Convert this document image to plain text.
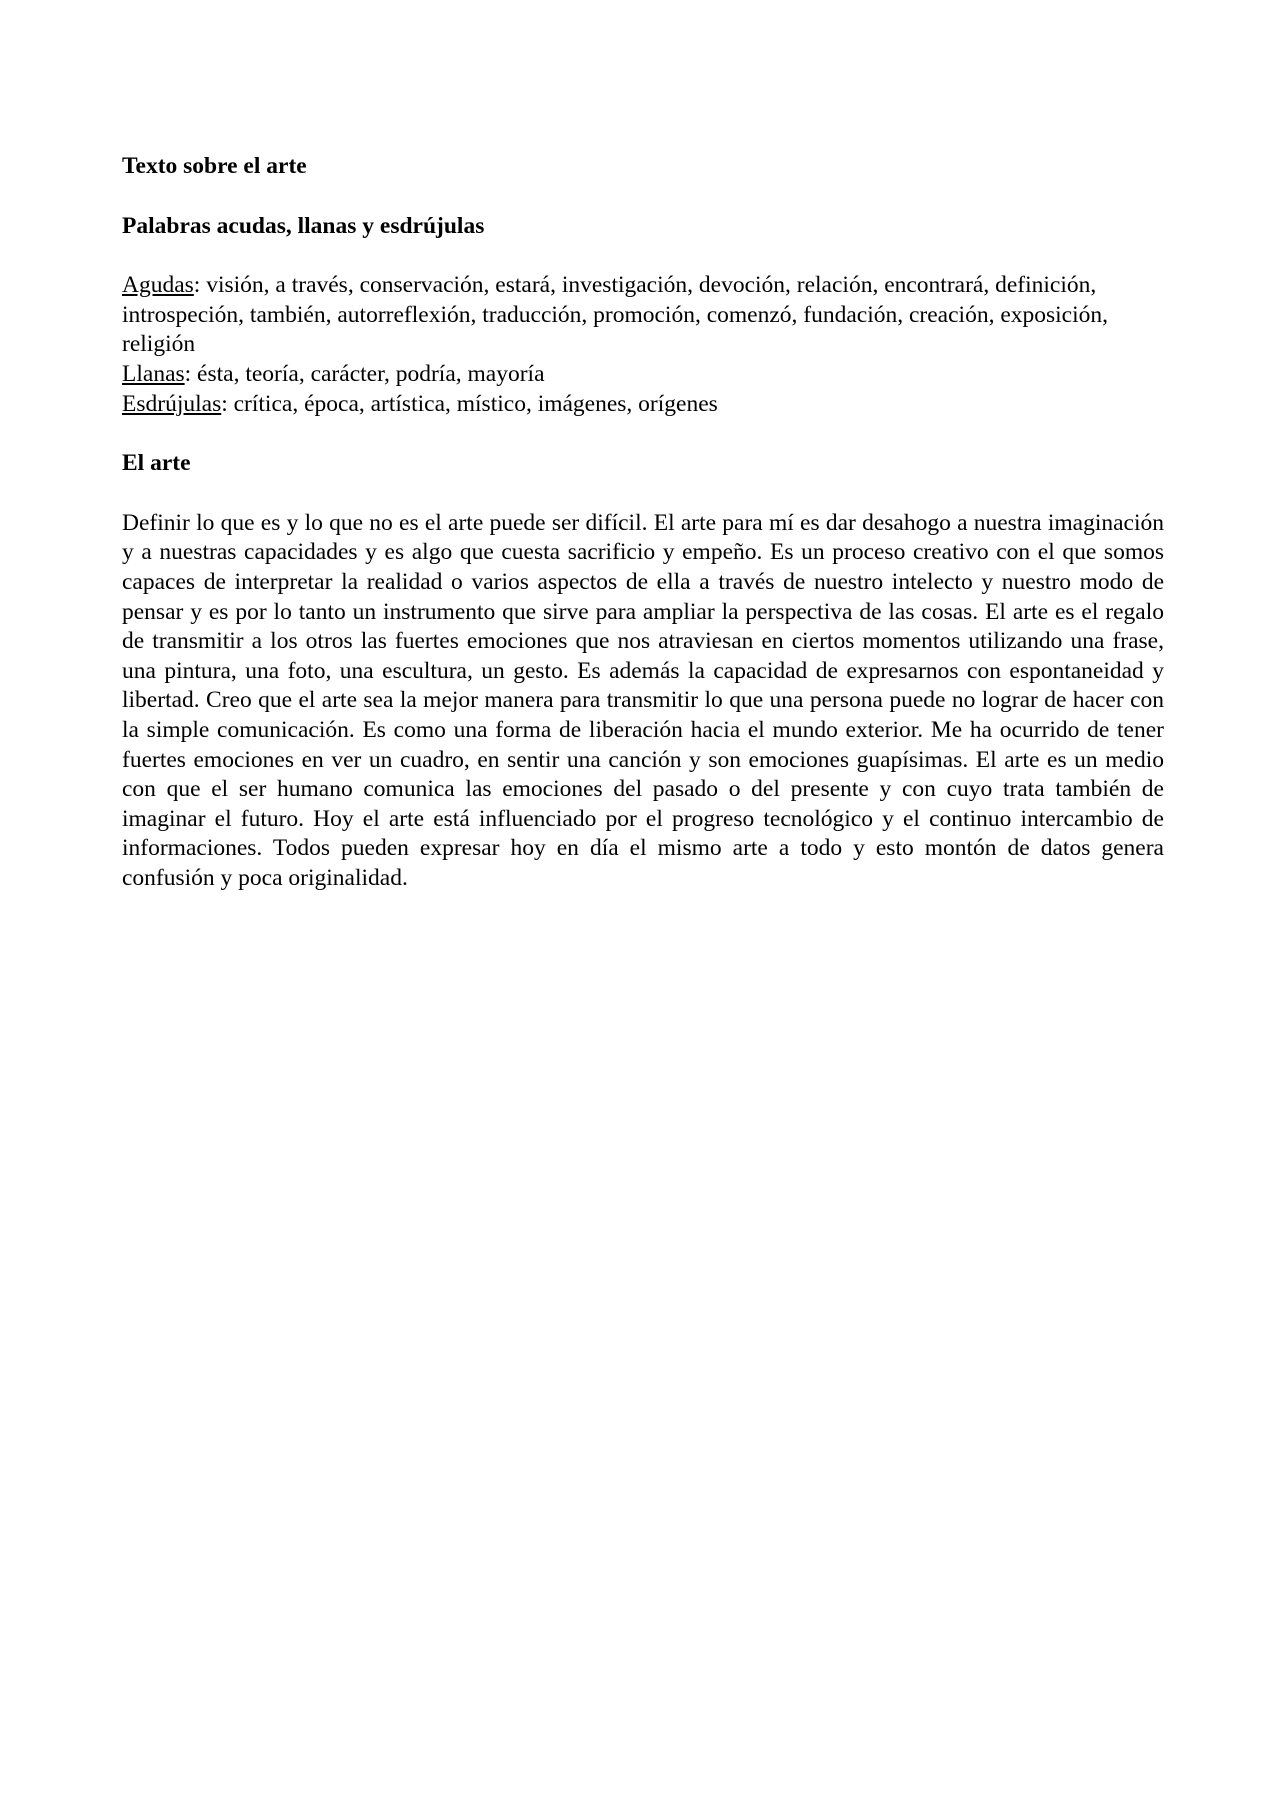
Texto sobre el arte

Palabras acudas, llanas y esdrújulas

Agudas: visión, a través, conservación, estará, investigación, devoción, relación, encontrará, definición, introspeción, también, autorreflexión, traducción, promoción, comenzó, fundación, creación, exposición, religión

Llanas: ésta, teoría, carácter, podría, mayoría

Esdrújulas: crítica, época, artística, místico, imágenes, orígenes

El arte

Definir lo que es y lo que no es el arte puede ser difícil. El arte para mí es dar desahogo a nuestra imaginación y a nuestras capacidades y es algo que cuesta sacrificio y empeño. Es un proceso creativo con el que somos capaces de interpretar la realidad o varios aspectos de ella a través de nuestro intelecto y nuestro modo de pensar y es por lo tanto un instrumento que sirve para ampliar la perspectiva de las cosas. El arte es el regalo de transmitir a los otros las fuertes emociones que nos atraviesan en ciertos momentos utilizando una frase, una pintura, una foto, una escultura, un gesto. Es además la capacidad de expresarnos con espontaneidad y libertad. Creo que el arte sea la mejor manera para transmitir lo que una persona puede no lograr de hacer con la simple comunicación. Es como una forma de liberación hacia el mundo exterior. Me ha ocurrido de tener fuertes emociones en ver un cuadro, en sentir una canción y son emociones guapísimas. El arte es un medio con que el ser humano comunica las emociones del pasado o del presente y con cuyo trata también de imaginar el futuro. Hoy el arte está influenciado por el progreso tecnológico y el continuo intercambio de informaciones. Todos pueden expresar hoy en día el mismo arte a todo y esto montón de datos genera confusión y poca originalidad.
